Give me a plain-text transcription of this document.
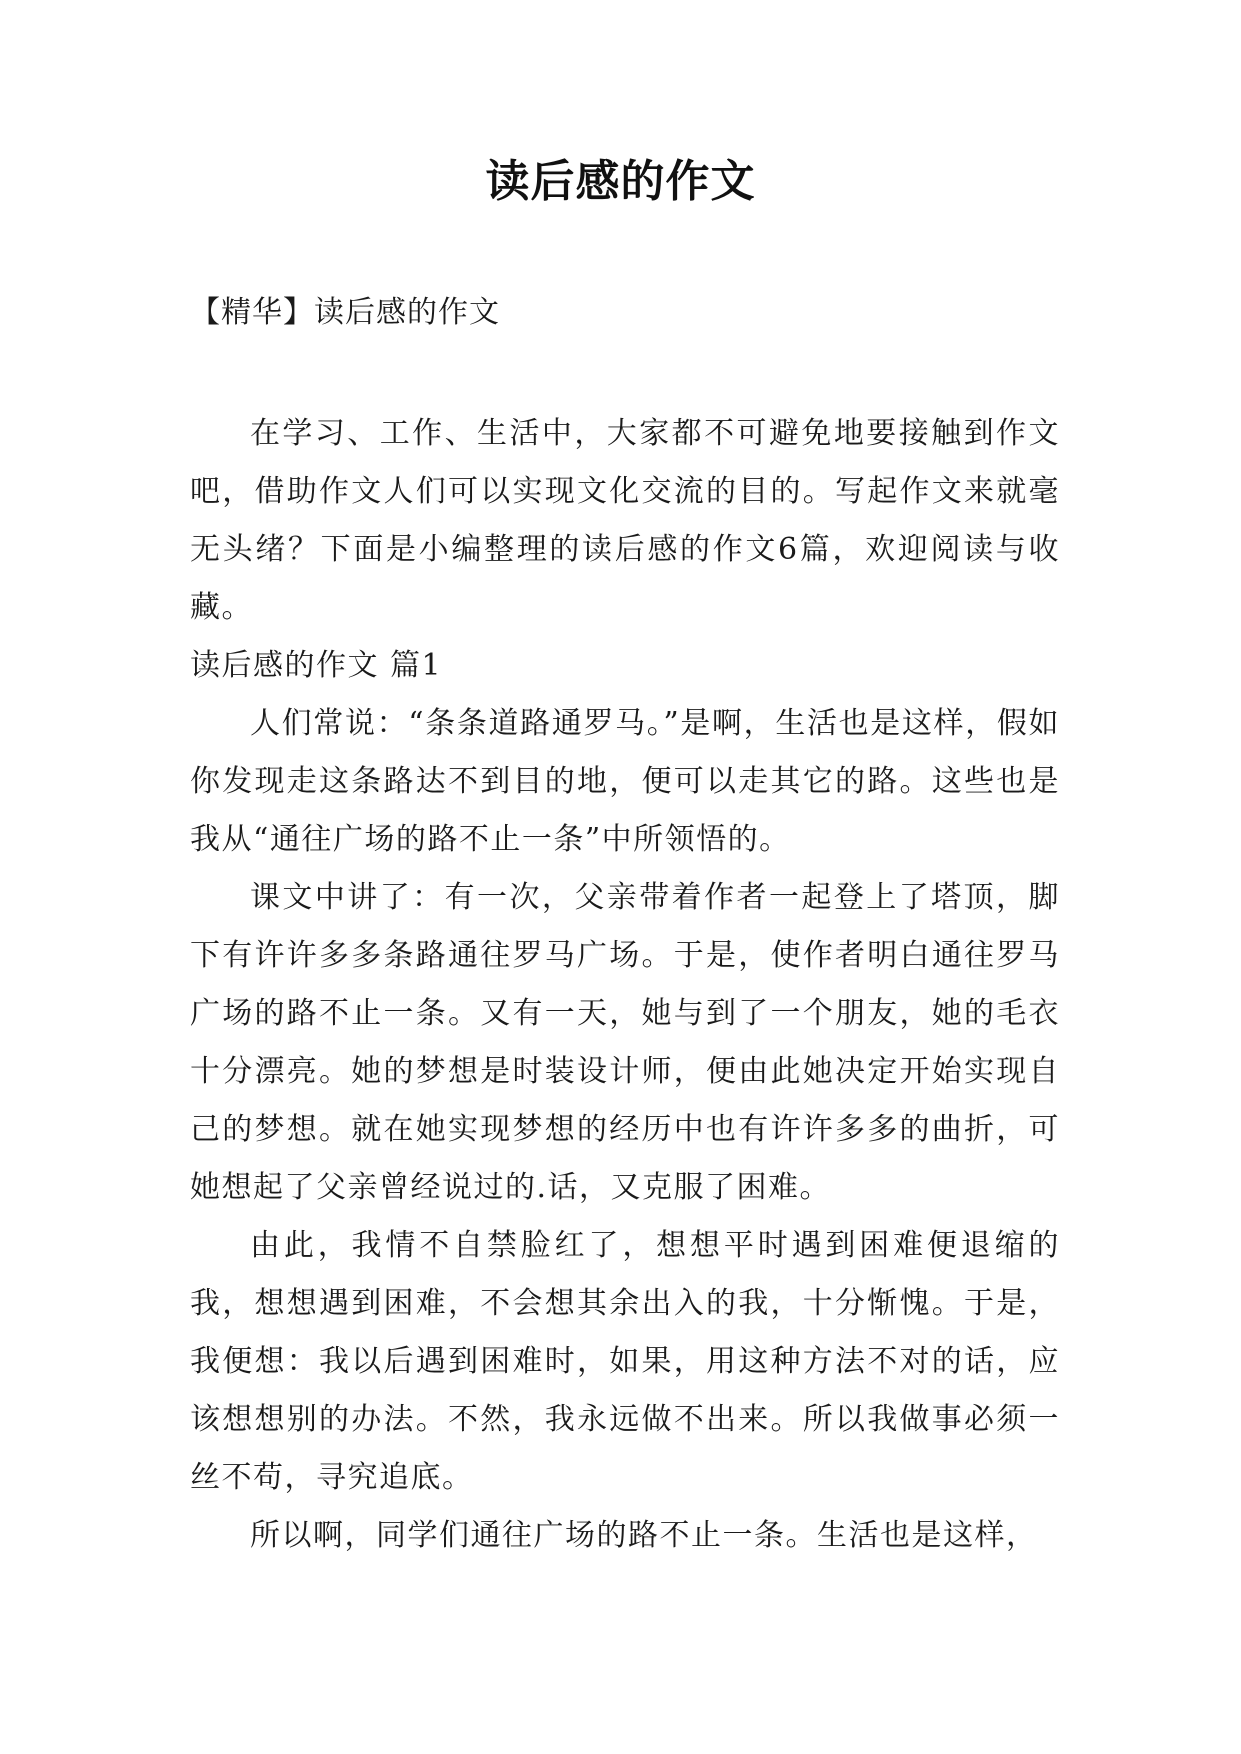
读后感的作文
【精华】读后感的作文

在学习、工作、生活中，大家都不可避免地要接触到作文吧，借助作文人们可以实现文化交流的目的。写起作文来就毫无头绪？下面是小编整理的读后感的作文6篇，欢迎阅读与收藏。

读后感的作文 篇1

人们常说：“条条道路通罗马。”是啊，生活也是这样，假如你发现走这条路达不到目的地，便可以走其它的路。这些也是我从“通往广场的路不止一条”中所领悟的。

课文中讲了：有一次，父亲带着作者一起登上了塔顶，脚下有许许多多条路通往罗马广场。于是，使作者明白通往罗马广场的路不止一条。又有一天，她与到了一个朋友，她的毛衣十分漂亮。她的梦想是时装设计师，便由此她决定开始实现自己的梦想。就在她实现梦想的经历中也有许许多多的曲折，可她想起了父亲曾经说过的.话，又克服了困难。

由此，我情不自禁脸红了，想想平时遇到困难便退缩的我，想想遇到困难，不会想其余出入的我，十分惭愧。于是，我便想：我以后遇到困难时，如果，用这种方法不对的话，应该想想别的办法。不然，我永远做不出来。所以我做事必须一丝不苟，寻究追底。

所以啊，同学们通往广场的路不止一条。生活也是这样，
